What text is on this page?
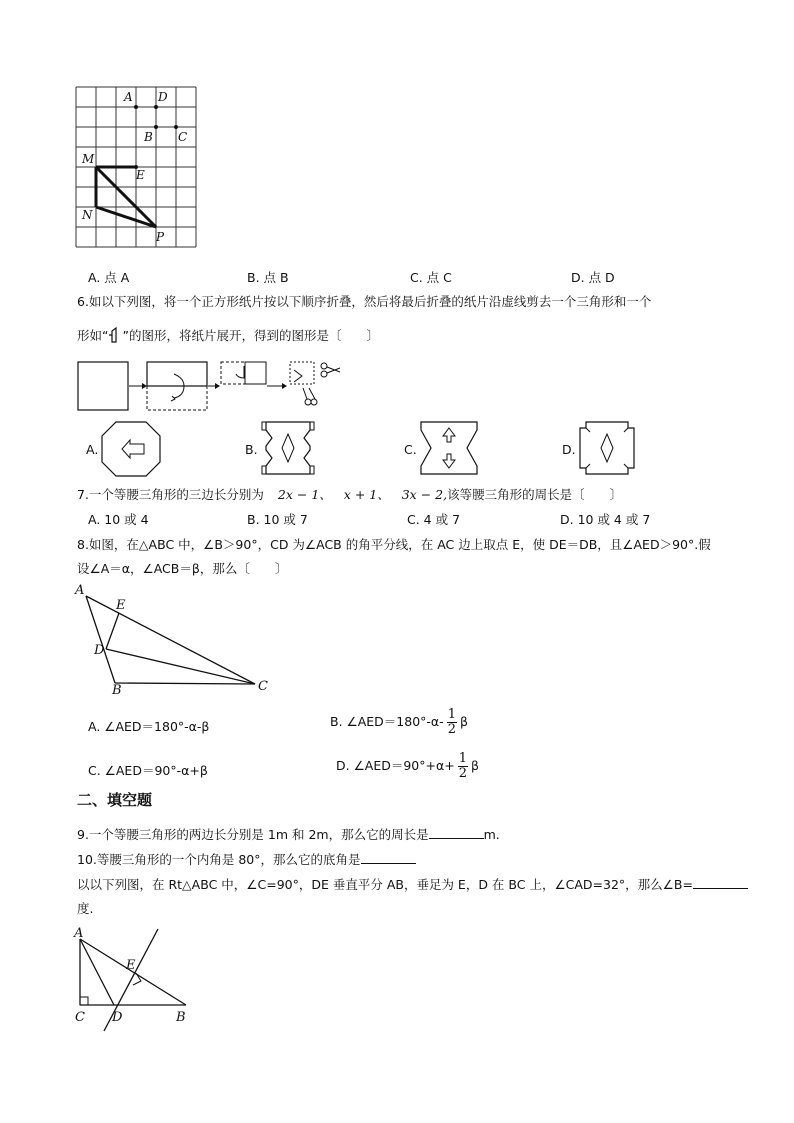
A D
B C
M
E
N
P
A. 点 A	B. 点 B	C. 点 C	D. 点 D
6.如以下列图，将一个正方形纸片按以下顺序折叠，然后将最后折叠的纸片沿虚线剪去一个三角形和一个
形如“ ”的图形，将纸片展开，得到的图形是〔　　〕
A.	B.	C.	D.
7.一个等腰三角形的三边长分别为 2x − 1、 x + 1、 3x − 2,该等腰三角形的周长是〔　　〕
A. 10 或 4	B. 10 或 7	C. 4 或 7	D. 10 或 4 或 7
8.如图，在△ABC 中，∠B＞90°，CD 为∠ACB 的角平分线，在 AC 边上取点 E，使 DE＝DB，且∠AED＞90°.假
设∠A＝α，∠ACB＝β，那么〔　　〕
A
E
D
B	C
A. ∠AED＝180°-α-β	B. ∠AED＝180°-α- $\frac{1}{2}$ β
C. ∠AED＝90°-α+β	D. ∠AED＝90°+α+ $\frac{1}{2}$ β
二、填空题
9.一个等腰三角形的两边长分别是 1m 和 2m，那么它的周长是	m.
10.等腰三角形的一个内角是 80°，那么它的底角是
以以下列图，在 Rt△ABC 中，∠C=90°，DE 垂直平分 AB，垂足为 E，D 在 BC 上，∠CAD=32°，那么∠B=
度.
A
E
C D	B
